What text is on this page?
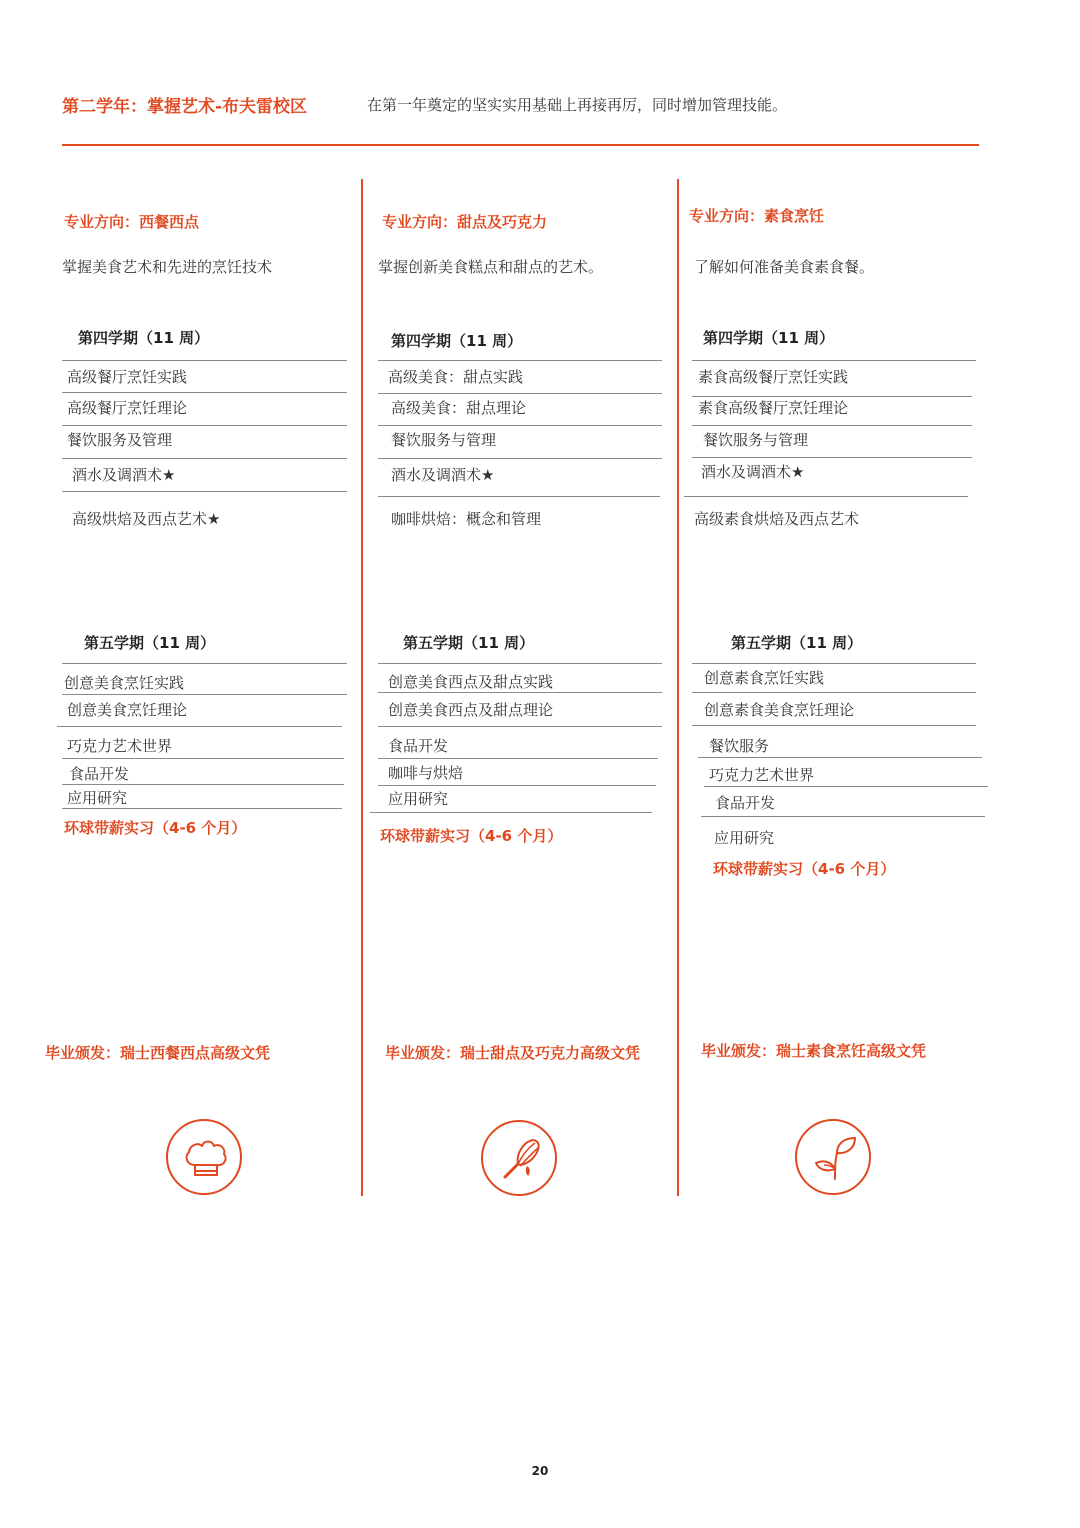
第二学年：掌握艺术-布夫雷校区	在第一年奠定的坚实实用基础上再接再厉，同时增加管理技能。
专业方向：西餐西点
掌握美食艺术和先进的烹饪技术
第四学期（11 周）
高级餐厅烹饪实践
高级餐厅烹饪理论
餐饮服务及管理
酒水及调酒术★
高级烘焙及西点艺术★
第五学期（11 周）
创意美食烹饪实践
创意美食烹饪理论
巧克力艺术世界
食品开发
应用研究
环球带薪实习（4-6 个月）
毕业颁发：瑞士西餐西点高级文凭
专业方向：甜点及巧克力
掌握创新美食糕点和甜点的艺术。
第四学期（11 周）
高级美食：甜点实践
高级美食：甜点理论
餐饮服务与管理
酒水及调酒术★
咖啡烘焙：概念和管理
第五学期（11 周）
创意美食西点及甜点实践
创意美食西点及甜点理论
食品开发
咖啡与烘焙
应用研究
环球带薪实习（4-6 个月）
毕业颁发：瑞士甜点及巧克力高级文凭
专业方向：素食烹饪
了解如何准备美食素食餐。
第四学期（11 周）
素食高级餐厅烹饪实践
素食高级餐厅烹饪理论
餐饮服务与管理
酒水及调酒术★
高级素食烘焙及西点艺术
第五学期（11 周）
创意素食烹饪实践
创意素食美食烹饪理论
餐饮服务
巧克力艺术世界
食品开发
应用研究
环球带薪实习（4-6 个月）
毕业颁发：瑞士素食烹饪高级文凭
20
